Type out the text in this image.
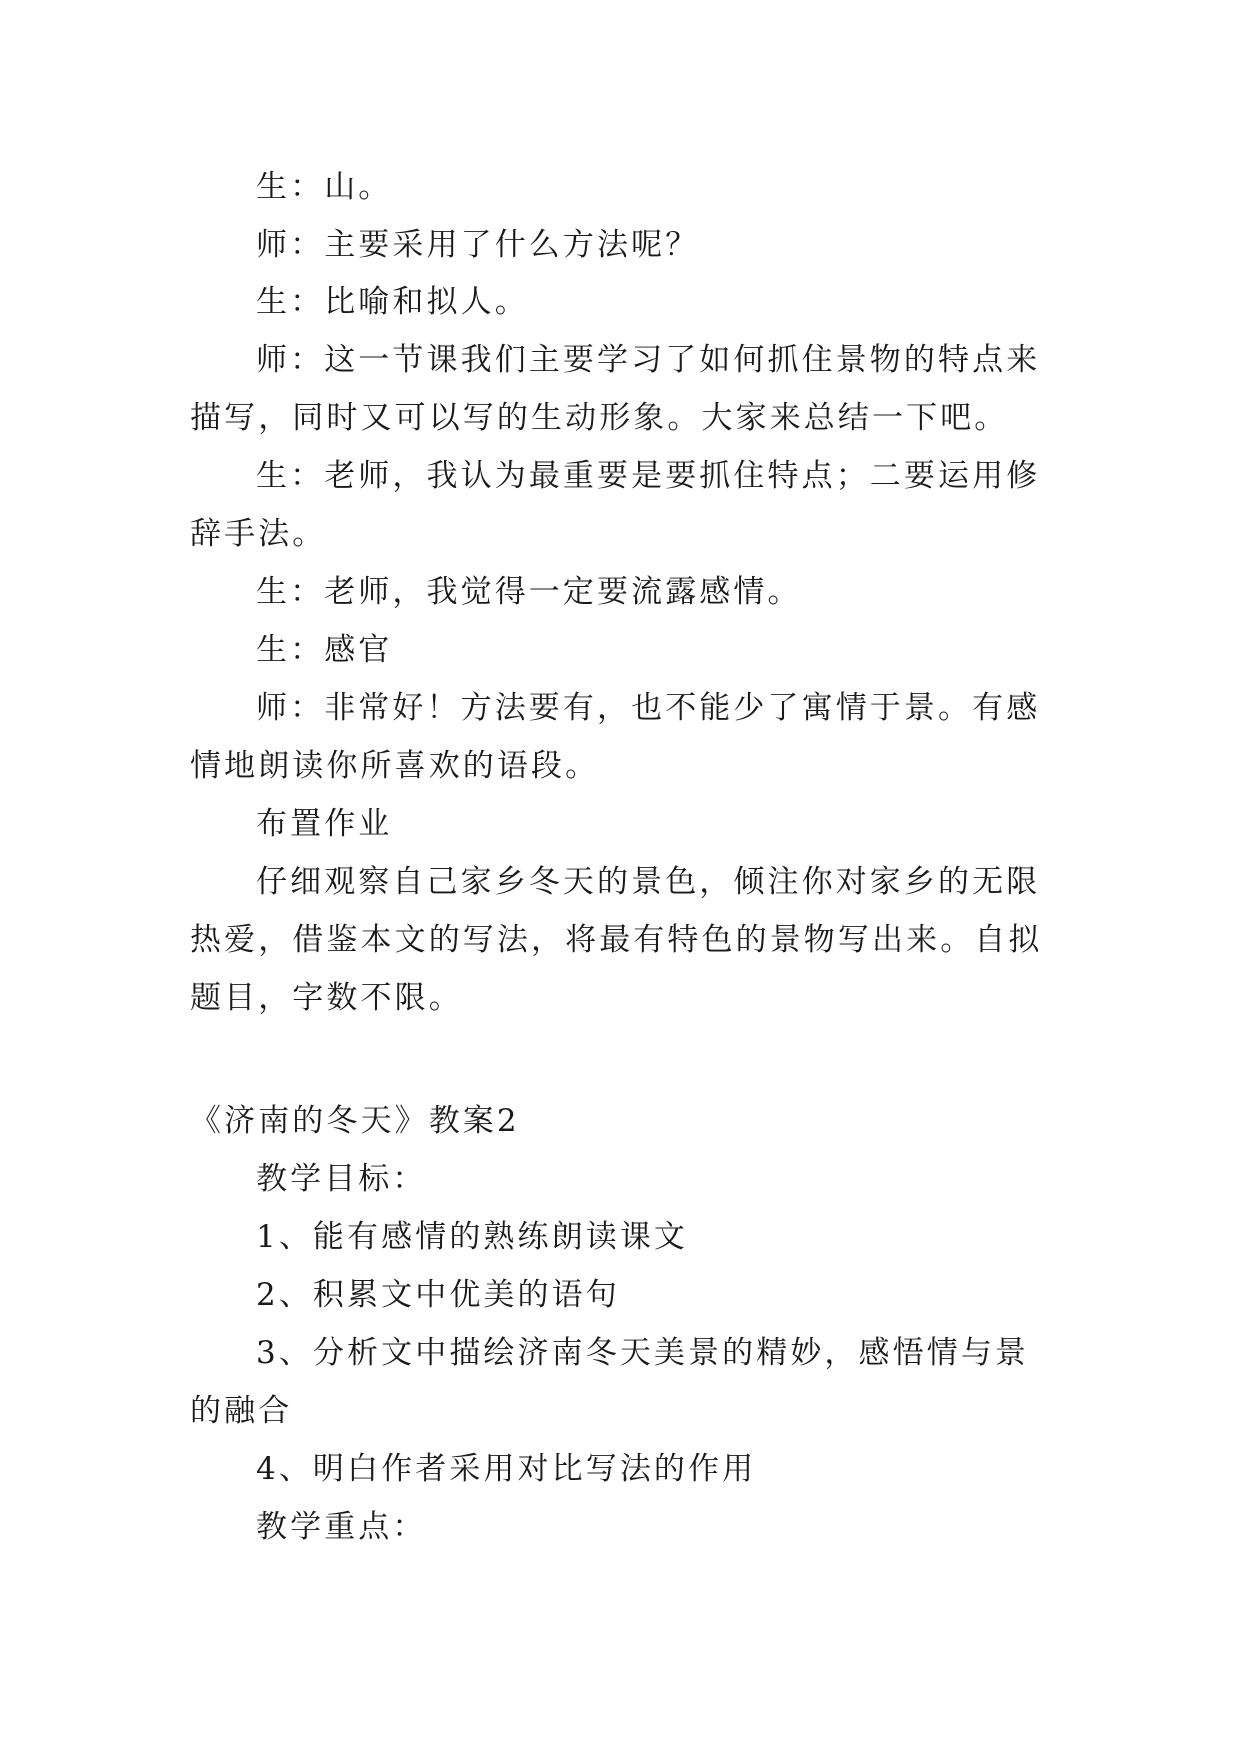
生：山。

师：主要采用了什么方法呢？

生：比喻和拟人。

师：这一节课我们主要学习了如何抓住景物的特点来描写，同时又可以写的生动形象。大家来总结一下吧。

生：老师，我认为最重要是要抓住特点；二要运用修辞手法。

生：老师，我觉得一定要流露感情。

生：感官

师：非常好！方法要有，也不能少了寓情于景。有感情地朗读你所喜欢的语段。

布置作业

仔细观察自己家乡冬天的景色，倾注你对家乡的无限热爱，借鉴本文的写法，将最有特色的景物写出来。自拟题目，字数不限。

《济南的冬天》教案2

教学目标：

1、能有感情的熟练朗读课文

2、积累文中优美的语句

3、分析文中描绘济南冬天美景的精妙，感悟情与景的融合

4、明白作者采用对比写法的作用

教学重点：
